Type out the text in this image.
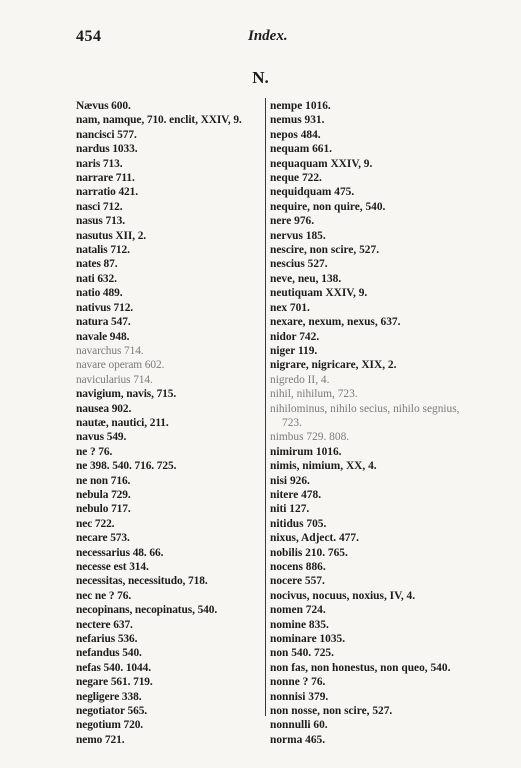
454	Index.
N.
Nævus 600.
nam, namque, 710. enclit, XXIV, 9.
nancisci 577.
nardus 1033.
naris 713.
narrare 711.
narratio 421.
nasci 712.
nasus 713.
nasutus XII, 2.
natalis 712.
nates 87.
nati 632.
natio 489.
nativus 712.
natura 547.
navale 948.
navarchus 714.
navare operam 602.
navicularius 714.
navigium, navis, 715.
nausea 902.
nautæ, nautici, 211.
navus 549.
ne ? 76.
ne 398. 540. 716. 725.
ne non 716.
nebula 729.
nebulo 717.
nec 722.
necare 573.
necessarius 48. 66.
necesse est 314.
necessitas, necessitudo, 718.
nec ne ? 76.
necopinans, necopinatus, 540.
nectere 637.
nefarius 536.
nefandus 540.
nefas 540. 1044.
negare 561. 719.
negligere 338.
negotiator 565.
negotium 720.
nemo 721.
nempe 1016.
nemus 931.
nepos 484.
nequam 661.
nequaquam XXIV, 9.
neque 722.
nequidquam 475.
nequire, non quire, 540.
nere 976.
nervus 185.
nescire, non scire, 527.
nescius 527.
neve, neu, 138.
neutiquam XXIV, 9.
nex 701.
nexare, nexum, nexus, 637.
nidor 742.
niger 119.
nigrare, nigricare, XIX, 2.
nigredo II, 4.
nihil, nihilum, 723.
nihilominus, nihilo secius, nihilo segnius, 723.
nimbus 729. 808.
nimirum 1016.
nimis, nimium, XX, 4.
nisi 926.
nitere 478.
niti 127.
nitidus 705.
nixus, Adject. 477.
nobilis 210. 765.
nocens 886.
nocere 557.
nocivus, nocuus, noxius, IV, 4.
nomen 724.
nomine 835.
nominare 1035.
non 540. 725.
non fas, non honestus, non queo, 540.
nonne ? 76.
nonnisi 379.
non nosse, non scire, 527.
nonnulli 60.
norma 465.
